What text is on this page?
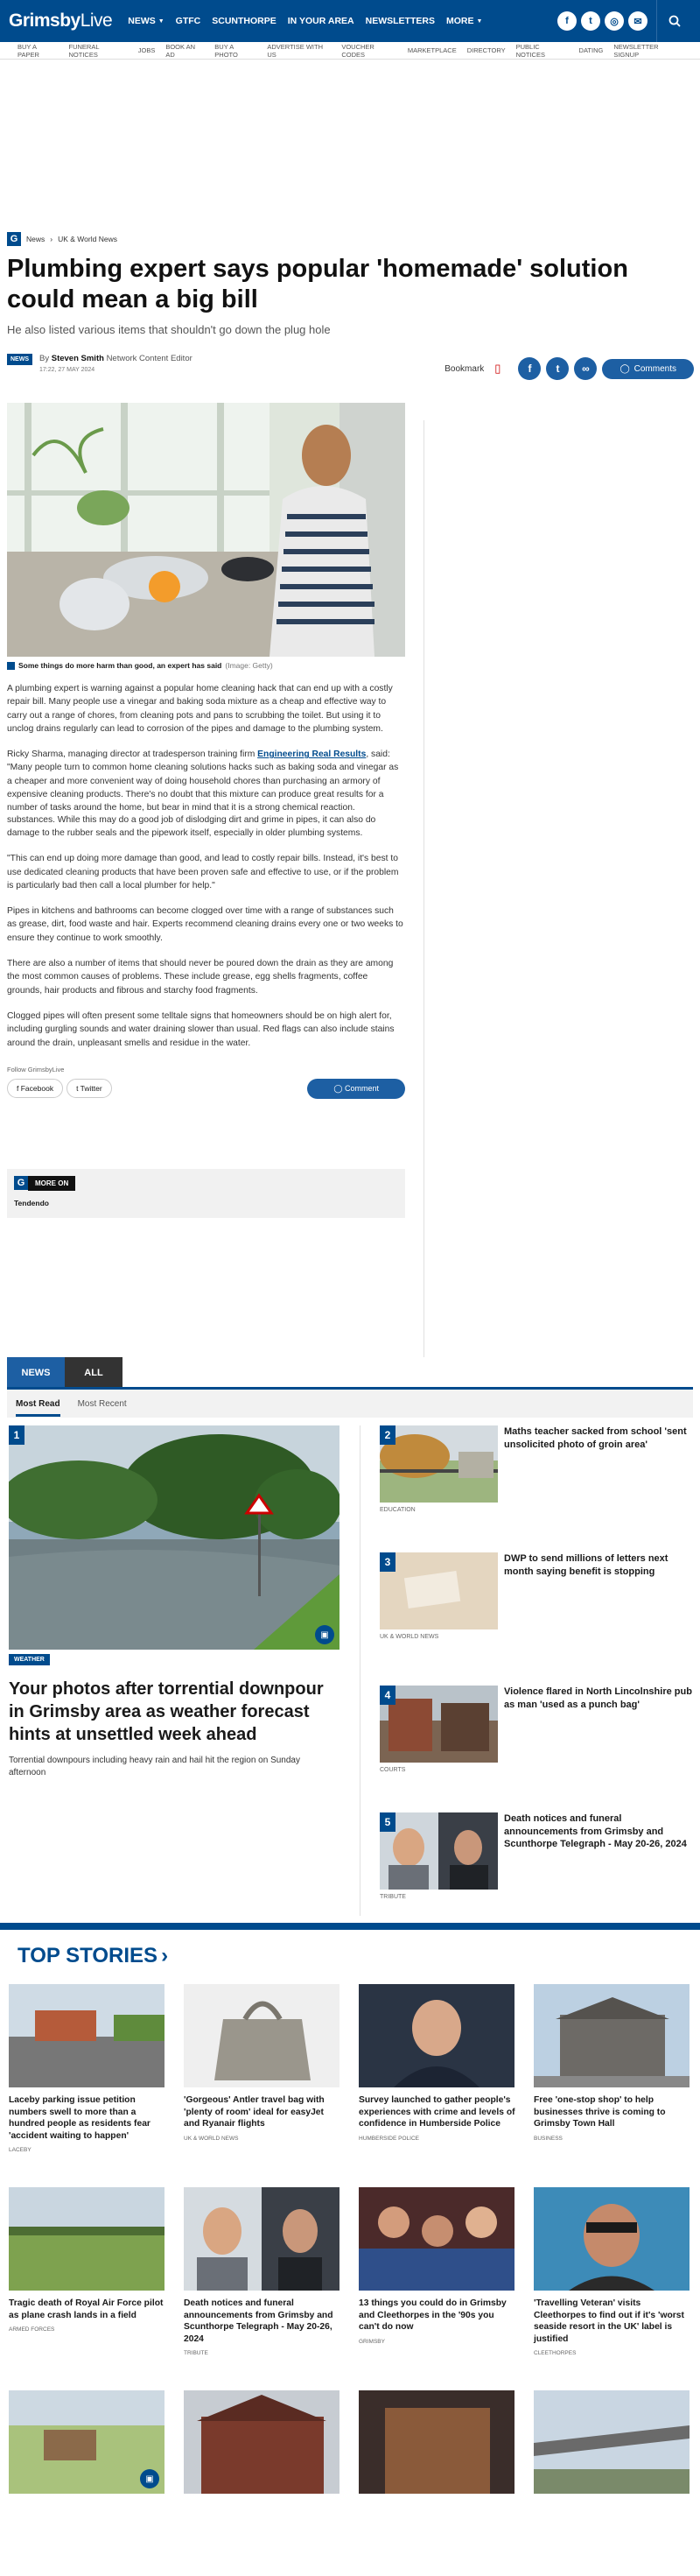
GrimsbyLive NEWS ▼ GTFC SCUNTHORPE IN YOUR AREA NEWSLETTERS MORE ▼	f	t	◎	✉
BUY A PAPER
FUNERAL NOTICES	JOBS BOOK AN AD
BUY A PHOTO
ADVERTISE WITH US
VOUCHER CODES	MARKETPLACE DIRECTORY PUBLIC NOTICES	DATING NEWSLETTER SIGNUP
G	News › UK & World News
Plumbing expert says popular 'homemade' solution could mean a big bill
He also listed various items that shouldn't go down the plug hole
NEWS	By Steven Smith Network Content Editor
17:22, 27 MAY 2024	Bookmark ▯	f	t	∞	◯ Comments
Some things do more harm than good, an expert has said (Image: Getty)

A plumbing expert is warning against a popular home cleaning hack that can end up with a costly repair bill. Many people use a vinegar and baking soda mixture as a cheap and effective way to carry out a range of chores, from cleaning pots and pans to scrubbing the toilet. But using it to unclog drains regularly can lead to corrosion of the pipes and damage to the plumbing system.

Ricky Sharma, managing director at tradesperson training firm Engineering Real Results, said: "Many people turn to common home cleaning solutions hacks such as baking soda and vinegar as a cheaper and more convenient way of doing household chores than purchasing an armory of expensive cleaning products. There's no doubt that this mixture can produce great results for a number of tasks around the home, but bear in mind that it is a strong chemical reaction.

substances. While this may do a good job of dislodging dirt and grime in pipes, it can also do damage to the rubber seals and the pipework itself, especially in older plumbing systems.

"This can end up doing more damage than good, and lead to costly repair bills. Instead, it's best to use dedicated cleaning products that have been proven safe and effective to use, or if the problem is particularly bad then call a local plumber for help."

Pipes in kitchens and bathrooms can become clogged over time with a range of substances such as grease, dirt, food waste and hair. Experts recommend cleaning drains every one or two weeks to ensure they continue to work smoothly.

There are also a number of items that should never be poured down the drain as they are among the most common causes of problems. These include grease, egg shells fragments, coffee grounds, hair products and fibrous and starchy food fragments.

Clogged pipes will often present some telltale signs that homeowners should be on high alert for, including gurgling sounds and water draining slower than usual. Red flags can also include stains around the drain, unpleasant smells and residue in the water.

Follow GrimsbyLive
f Facebook	t Twitter	◯ Comment
G	MORE ON
Tendendo
NEWS	ALL
Most Read Most Recent
1
▣
WEATHER
Your photos after torrential downpour in Grimsby area as weather forecast hints at unsettled week ahead
Torrential downpours including heavy rain and hail hit the region on Sunday afternoon
2	Maths teacher sacked from school 'sent unsolicited photo of groin area'
EDUCATION
3	DWP to send millions of letters next month saying benefit is stopping
UK & WORLD NEWS
4	Violence flared in North Lincolnshire pub as man 'used as a punch bag'
COURTS
5	Death notices and funeral announcements from Grimsby and Scunthorpe Telegraph - May 20-26, 2024
TRIBUTE
TOP STORIES ›
Laceby parking issue petition numbers swell to more than a hundred people as residents fear 'accident waiting to happen'
LACEBY
'Gorgeous' Antler travel bag with 'plenty of room' ideal for easyJet and Ryanair flights
UK & WORLD NEWS
Survey launched to gather people's experiences with crime and levels of confidence in Humberside Police
HUMBERSIDE POLICE
Free 'one-stop shop' to help businesses thrive is coming to Grimsby Town Hall
BUSINESS
Tragic death of Royal Air Force pilot as plane crash lands in a field
ARMED FORCES
Death notices and funeral announcements from Grimsby and Scunthorpe Telegraph - May 20-26, 2024
TRIBUTE
13 things you could do in Grimsby and Cleethorpes in the '90s you can't do now
GRIMSBY
'Travelling Veteran' visits Cleethorpes to find out if it's 'worst seaside resort in the UK' label is justified
CLEETHORPES
▣
